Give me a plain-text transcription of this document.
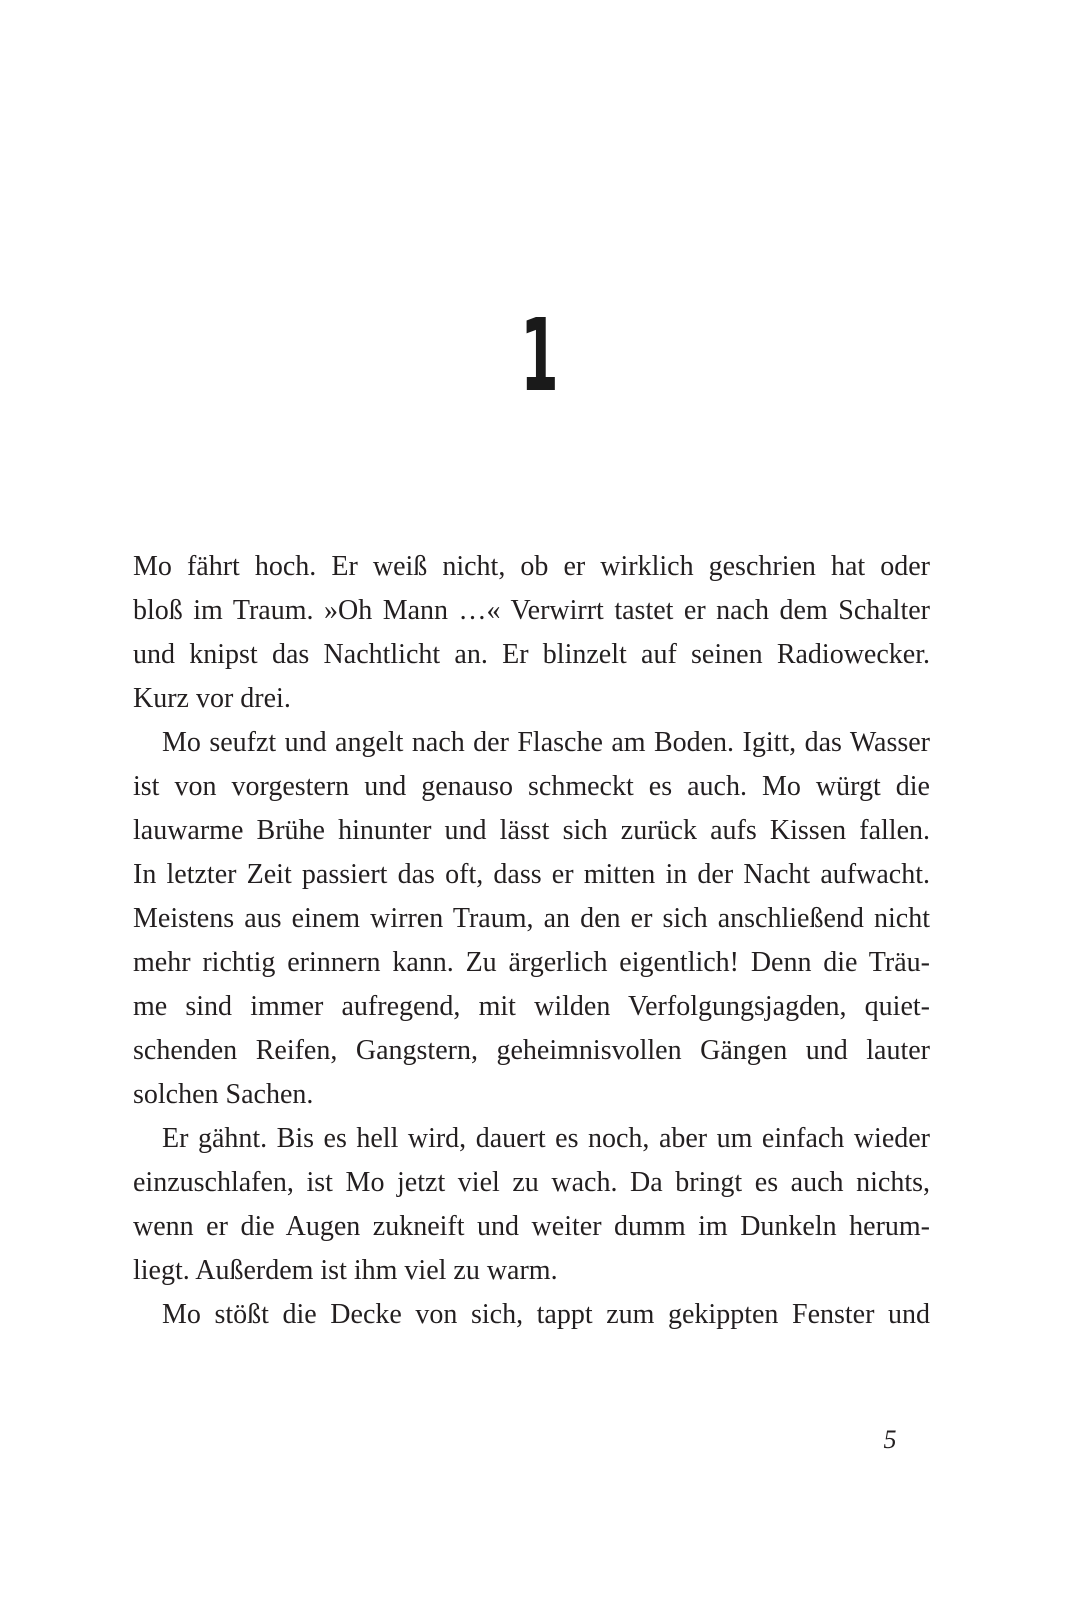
1
Mo fährt hoch. Er weiß nicht, ob er wirklich geschrien hat oder
bloß im Traum. »Oh Mann …« Verwirrt tastet er nach dem Schalter
und knipst das Nachtlicht an. Er blinzelt auf seinen Radiowecker.
Kurz vor drei.
Mo seufzt und angelt nach der Flasche am Boden. Igitt, das Wasser
ist von vorgestern und genauso schmeckt es auch. Mo würgt die
lauwarme Brühe hinunter und lässt sich zurück aufs Kissen fallen.
In letzter Zeit passiert das oft, dass er mitten in der Nacht aufwacht.
Meistens aus einem wirren Traum, an den er sich anschließend nicht
mehr richtig erinnern kann. Zu ärgerlich eigentlich! Denn die Träu-
me sind immer aufregend, mit wilden Verfolgungsjagden, quiet-
schenden Reifen, Gangstern, geheimnisvollen Gängen und lauter
solchen Sachen.
Er gähnt. Bis es hell wird, dauert es noch, aber um einfach wieder
einzuschlafen, ist Mo jetzt viel zu wach. Da bringt es auch nichts,
wenn er die Augen zukneift und weiter dumm im Dunkeln herum-
liegt. Außerdem ist ihm viel zu warm.
Mo stößt die Decke von sich, tappt zum gekippten Fenster und
5
